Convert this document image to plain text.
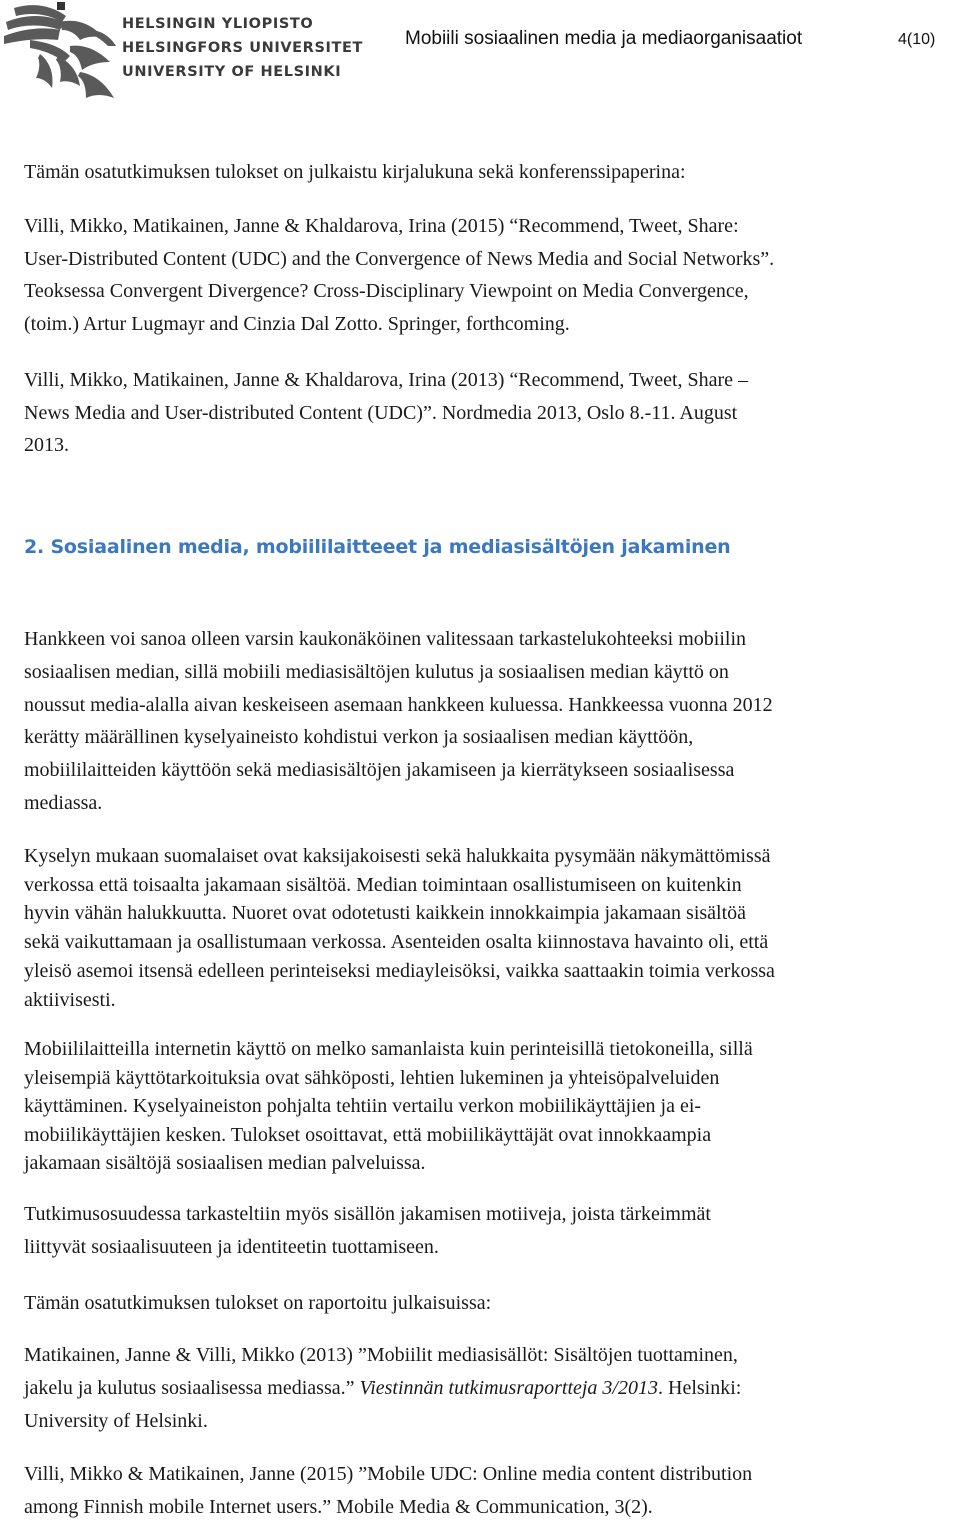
HELSINGIN YLIOPISTO
HELSINGFORS UNIVERSITET
UNIVERSITY OF HELSINKI
Mobiili sosiaalinen media ja mediaorganisaatiot	4(10)

Tämän osatutkimuksen tulokset on julkaistu kirjalukuna sekä konferenssipaperina:

Villi, Mikko, Matikainen, Janne & Khaldarova, Irina (2015) “Recommend, Tweet, Share:
User-Distributed Content (UDC) and the Convergence of News Media and Social Networks”.
Teoksessa Convergent Divergence? Cross-Disciplinary Viewpoint on Media Convergence,
(toim.) Artur Lugmayr and Cinzia Dal Zotto. Springer, forthcoming.

Villi, Mikko, Matikainen, Janne & Khaldarova, Irina (2013) “Recommend, Tweet, Share –
News Media and User-distributed Content (UDC)”. Nordmedia 2013, Oslo 8.-11. August
2013.

2. Sosiaalinen media, mobiililaitteeet ja mediasisältöjen jakaminen

Hankkeen voi sanoa olleen varsin kaukonäköinen valitessaan tarkastelukohteeksi mobiilin
sosiaalisen median, sillä mobiili mediasisältöjen kulutus ja sosiaalisen median käyttö on
noussut media-alalla aivan keskeiseen asemaan hankkeen kuluessa. Hankkeessa vuonna 2012
kerätty määrällinen kyselyaineisto kohdistui verkon ja sosiaalisen median käyttöön,
mobiililaitteiden käyttöön sekä mediasisältöjen jakamiseen ja kierrätykseen sosiaalisessa
mediassa.

Kyselyn mukaan suomalaiset ovat kaksijakoisesti sekä halukkaita pysymään näkymättömissä
verkossa että toisaalta jakamaan sisältöä. Median toimintaan osallistumiseen on kuitenkin
hyvin vähän halukkuutta. Nuoret ovat odotetusti kaikkein innokkaimpia jakamaan sisältöä
sekä vaikuttamaan ja osallistumaan verkossa. Asenteiden osalta kiinnostava havainto oli, että
yleisö asemoi itsensä edelleen perinteiseksi mediayleisöksi, vaikka saattaakin toimia verkossa
aktiivisesti.

Mobiililaitteilla internetin käyttö on melko samanlaista kuin perinteisillä tietokoneilla, sillä
yleisempiä käyttötarkoituksia ovat sähköposti, lehtien lukeminen ja yhteisöpalveluiden
käyttäminen. Kyselyaineiston pohjalta tehtiin vertailu verkon mobiilikäyttäjien ja ei-
mobiilikäyttäjien kesken. Tulokset osoittavat, että mobiilikäyttäjät ovat innokkaampia
jakamaan sisältöjä sosiaalisen median palveluissa.

Tutkimusosuudessa tarkasteltiin myös sisällön jakamisen motiiveja, joista tärkeimmät
liittyvät sosiaalisuuteen ja identiteetin tuottamiseen.

Tämän osatutkimuksen tulokset on raportoitu julkaisuissa:

Matikainen, Janne & Villi, Mikko (2013) ”Mobiilit mediasisällöt: Sisältöjen tuottaminen,
jakelu ja kulutus sosiaalisessa mediassa.” Viestinnän tutkimusraportteja 3/2013. Helsinki:
University of Helsinki.

Villi, Mikko & Matikainen, Janne (2015) ”Mobile UDC: Online media content distribution
among Finnish mobile Internet users.” Mobile Media & Communication, 3(2).
